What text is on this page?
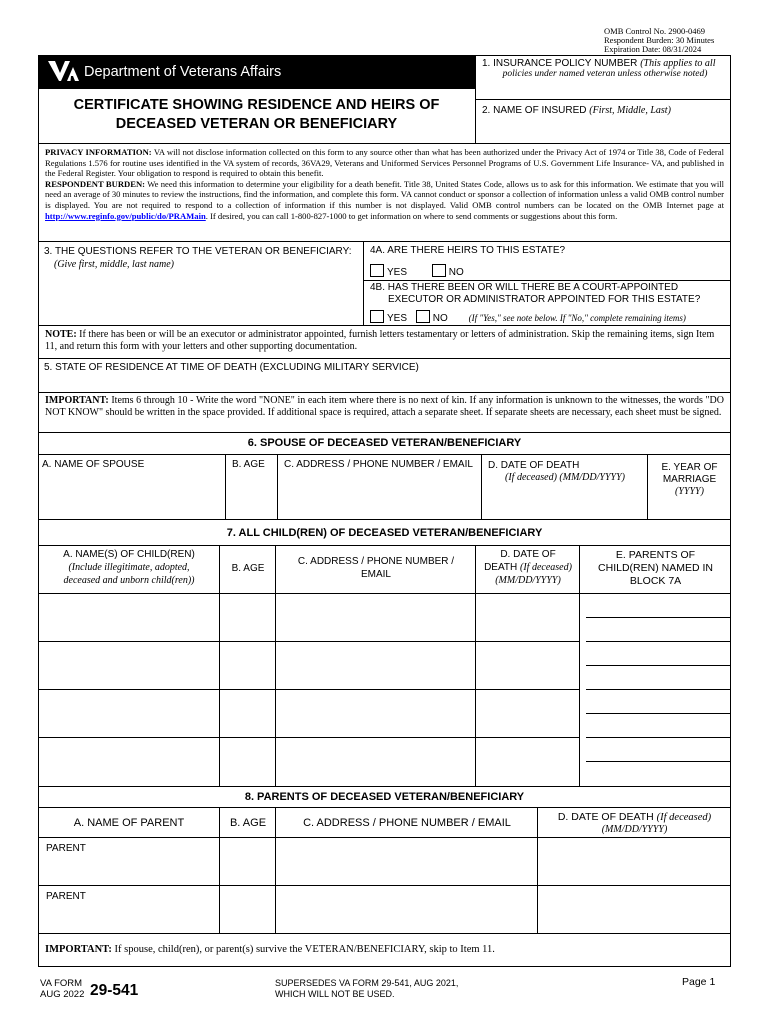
OMB Control No. 2900-0469
Respondent Burden: 30 Minutes
Expiration Date: 08/31/2024
Department of Veterans Affairs
CERTIFICATE SHOWING RESIDENCE AND HEIRS OF
DECEASED VETERAN OR BENEFICIARY
1. INSURANCE POLICY NUMBER (This applies to all
policies under named veteran unless otherwise noted)
2. NAME OF INSURED (First, Middle, Last)
PRIVACY INFORMATION: VA will not disclose information collected on this form to any source other than what has been authorized under the Privacy Act of 1974 or Title 38, Code of Federal Regulations 1.576 for routine uses identified in the VA system of records, 36VA29, Veterans and Uniformed Services Personnel Programs of U.S. Government Life Insurance- VA, and published in the Federal Register. Your obligation to respond is required to obtain this benefit.
RESPONDENT BURDEN: We need this information to determine your eligibility for a death benefit. Title 38, United States Code, allows us to ask for this information. We estimate that you will need an average of 30 minutes to review the instructions, find the information, and complete this form. VA cannot conduct or sponsor a collection of information unless a valid OMB control number is displayed. You are not required to respond to a collection of information if this number is not displayed. Valid OMB control numbers can be located on the OMB Internet page at http://www.reginfo.gov/public/do/PRAMain. If desired, you can call 1-800-827-1000 to get information on where to send comments or suggestions about this form.
3. THE QUESTIONS REFER TO THE VETERAN OR BENEFICIARY:
(Give first, middle, last name)
4A. ARE THERE HEIRS TO THIS ESTATE?
YES	NO
4B. HAS THERE BEEN OR WILL THERE BE A COURT-APPOINTED
EXECUTOR OR ADMINISTRATOR APPOINTED FOR THIS ESTATE?
YES	NO (If "Yes," see note below. If "No," complete remaining items)
NOTE: If there has been or will be an executor or administrator appointed, furnish letters testamentary or letters of administration. Skip the remaining items, sign Item 11, and return this form with your letters and other supporting documentation.
5. STATE OF RESIDENCE AT TIME OF DEATH (EXCLUDING MILITARY SERVICE)
IMPORTANT: Items 6 through 10 - Write the word "NONE" in each item where there is no next of kin. If any information is unknown to the witnesses, the words "DO NOT KNOW" should be written in the space provided. If additional space is required, attach a separate sheet. If separate sheets are necessary, each sheet must be signed.
6. SPOUSE OF DECEASED VETERAN/BENEFICIARY
A. NAME OF SPOUSE	B. AGE C. ADDRESS / PHONE NUMBER / EMAIL D. DATE OF DEATH
(If deceased) (MM/DD/YYYY)
E. YEAR OF
MARRIAGE
(YYYY)
7. ALL CHILD(REN) OF DECEASED VETERAN/BENEFICIARY
A. NAME(S) OF CHILD(REN)
(Include illegitimate, adopted,
deceased and unborn child(ren))
B. AGE
C. ADDRESS / PHONE NUMBER /
EMAIL
D. DATE OF
DEATH (If deceased)
(MM/DD/YYYY)
E. PARENTS OF
CHILD(REN) NAMED IN
BLOCK 7A
8. PARENTS OF DECEASED VETERAN/BENEFICIARY
A. NAME OF PARENT	B. AGE	C. ADDRESS / PHONE NUMBER / EMAIL	D. DATE OF DEATH (If deceased)
(MM/DD/YYYY)
PARENT
PARENT
IMPORTANT: If spouse, child(ren), or parent(s) survive the VETERAN/BENEFICIARY, skip to Item 11.
VA FORM
AUG 2022 29-541	SUPERSEDES VA FORM 29-541, AUG 2021,
WHICH WILL NOT BE USED.
Page 1
